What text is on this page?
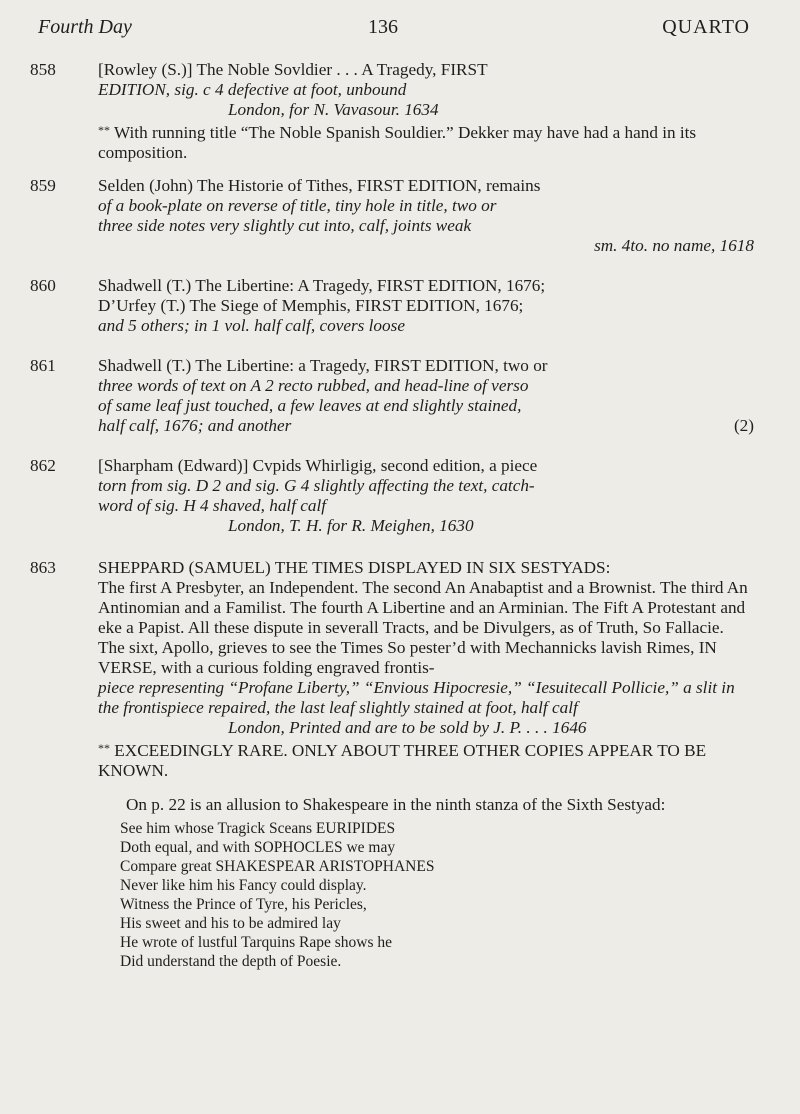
Fourth Day	136	QUARTO
858	[Rowley (S.)] The Noble Sovldier . . . A Tragedy, FIRST

EDITION, sig. c 4 defective at foot, unbound

London, for N. Vavasour. 1634

** With running title “The Noble Spanish Souldier.” Dekker may have had a hand in its composition.

859	Selden (John) The Historie of Tithes, FIRST EDITION, remains

of a book-plate on reverse of title, tiny hole in title, two or

three side notes very slightly cut into, calf, joints weak

sm. 4to. no name, 1618

860	Shadwell (T.) The Libertine: A Tragedy, FIRST EDITION, 1676;

D’Urfey (T.) The Siege of Memphis, FIRST EDITION, 1676;

and 5 others; in 1 vol. half calf, covers loose

861	Shadwell (T.) The Libertine: a Tragedy, FIRST EDITION, two or

three words of text on A 2 recto rubbed, and head-line of verso

of same leaf just touched, a few leaves at end slightly stained,

half calf, 1676; and another	(2)

862	[Sharpham (Edward)] Cvpids Whirligig, second edition, a piece

torn from sig. D 2 and sig. G 4 slightly affecting the text, catch-

word of sig. H 4 shaved, half calf

London, T. H. for R. Meighen, 1630

863	SHEPPARD (SAMUEL) THE TIMES DISPLAYED IN SIX SESTYADS:

The first A Presbyter, an Independent. The second An Anabaptist and a Brownist. The third An Antinomian and a Familist. The fourth A Libertine and an Arminian. The Fift A Protestant and eke a Papist. All these dispute in severall Tracts, and be Divulgers, as of Truth, So Fallacie. The sixt, Apollo, grieves to see the Times So pester’d with Mechannicks lavish Rimes, IN VERSE, with a curious folding engraved frontis-

piece representing “Profane Liberty,” “Envious Hipocresie,” “Iesuitecall Pollicie,” a slit in the frontispiece repaired, the last leaf slightly stained at foot, half calf

London, Printed and are to be sold by J. P. . . . 1646

** EXCEEDINGLY RARE. ONLY ABOUT THREE OTHER COPIES APPEAR TO BE KNOWN.

On p. 22 is an allusion to Shakespeare in the ninth stanza of the Sixth Sestyad:

See him whose Tragick Sceans EURIPIDES

Doth equal, and with SOPHOCLES we may

Compare great SHAKESPEAR ARISTOPHANES

Never like him his Fancy could display.

Witness the Prince of Tyre, his Pericles,

His sweet and his to be admired lay

He wrote of lustful Tarquins Rape shows he

Did understand the depth of Poesie.
